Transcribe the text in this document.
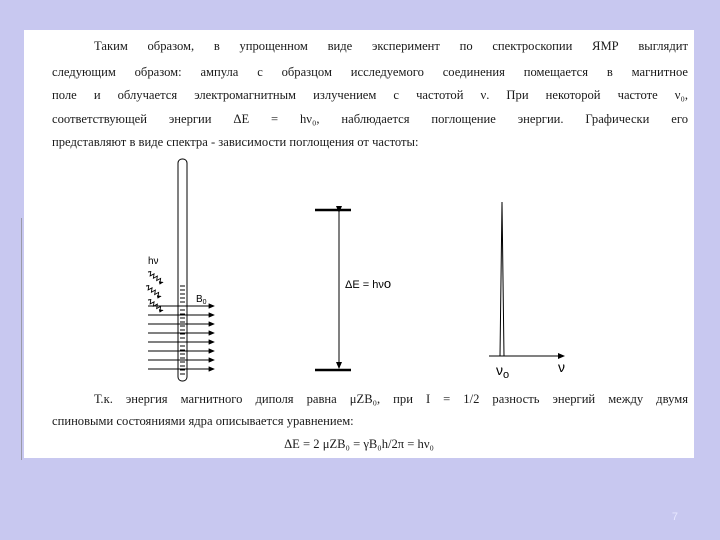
Таким образом, в упрощенном виде эксперимент по спектроскопии ЯМР выглядит

следующим образом: ампула с образцом исследуемого соединения помещается в магнитное

поле и облучается электромагнитным излучением с частотой ν. При некоторой частоте ν₀,

соответствующей энергии ΔE = hν₀, наблюдается поглощение энергии. Графически его

представляют в виде спектра - зависимости поглощения от частоты:

hν
$B_0$
ΔE = hνo
$\nu_o$	ν

Т.к. энергия магнитного диполя равна μZB₀, при I = 1/2 разность энергий между двумя

спиновыми состояниями ядра описывается уравнением:

ΔE = 2 μZB₀ = γB₀h/2π = hν₀

7
